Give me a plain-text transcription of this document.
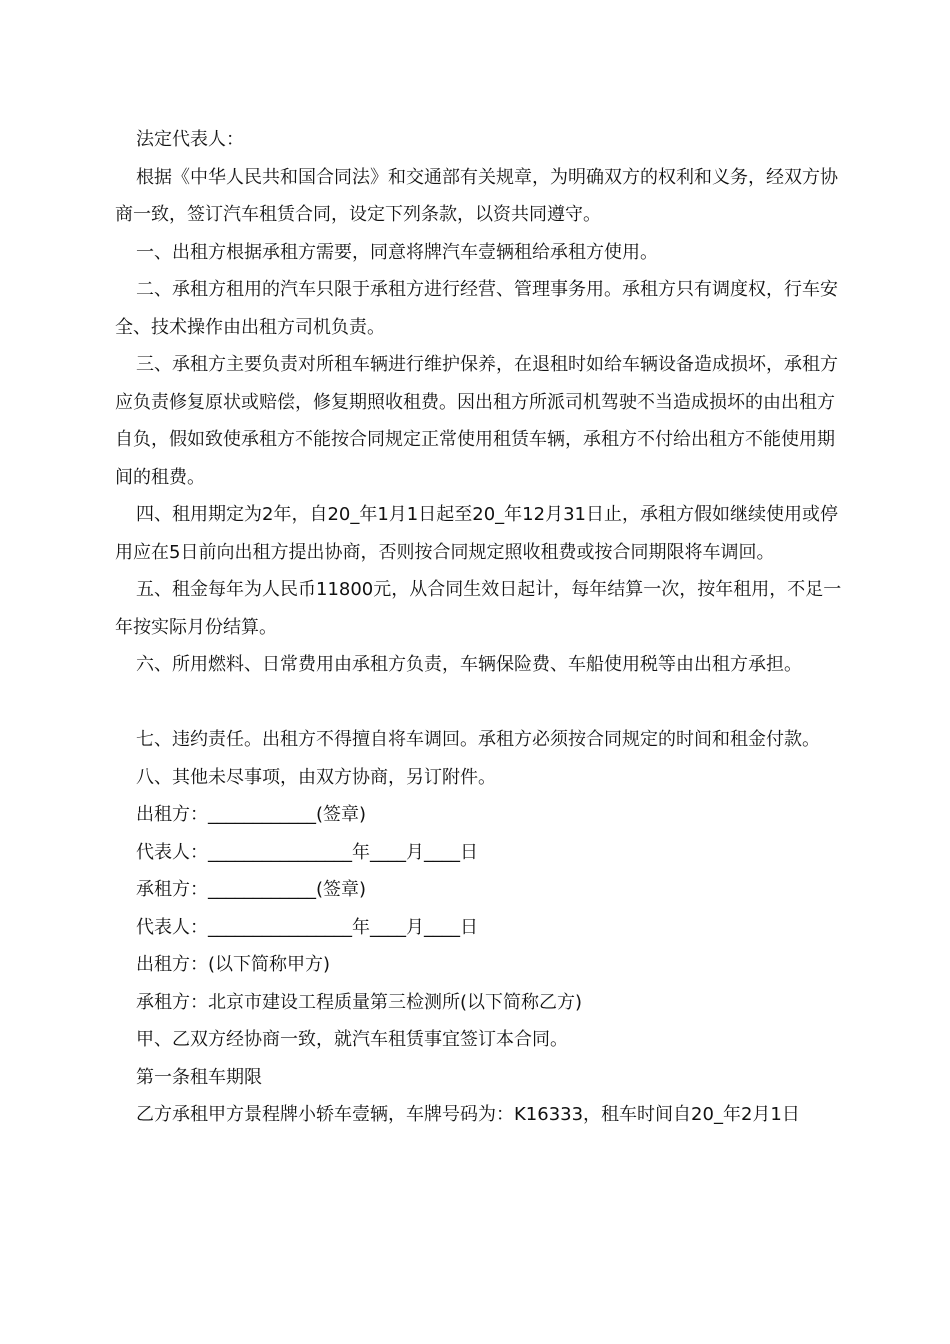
法定代表人：

根据《中华人民共和国合同法》和交通部有关规章，为明确双方的权利和义务，经双方协商一致，签订汽车租赁合同，设定下列条款，以资共同遵守。

一、出租方根据承租方需要，同意将牌汽车壹辆租给承租方使用。

二、承租方租用的汽车只限于承租方进行经营、管理事务用。承租方只有调度权，行车安全、技术操作由出租方司机负责。

三、承租方主要负责对所租车辆进行维护保养，在退租时如给车辆设备造成损坏，承租方应负责修复原状或赔偿，修复期照收租费。因出租方所派司机驾驶不当造成损坏的由出租方自负，假如致使承租方不能按合同规定正常使用租赁车辆，承租方不付给出租方不能使用期间的租费。

四、租用期定为2年，自20_年1月1日起至20_年12月31日止，承租方假如继续使用或停用应在5日前向出租方提出协商，否则按合同规定照收租费或按合同期限将车调回。

五、租金每年为人民币11800元，从合同生效日起计，每年结算一次，按年租用，不足一年按实际月份结算。

六、所用燃料、日常费用由承租方负责，车辆保险费、车船使用税等由出租方承担。

七、违约责任。出租方不得擅自将车调回。承租方必须按合同规定的时间和租金付款。

八、其他未尽事项，由双方协商，另订附件。

出租方：____________(签章)

代表人：________________年____月____日

承租方：____________(签章)

代表人：________________年____月____日

出租方：(以下简称甲方)

承租方：北京市建设工程质量第三检测所(以下简称乙方)

甲、乙双方经协商一致，就汽车租赁事宜签订本合同。

第一条租车期限

乙方承租甲方景程牌小轿车壹辆，车牌号码为：K16333，租车时间自20_年2月1日
